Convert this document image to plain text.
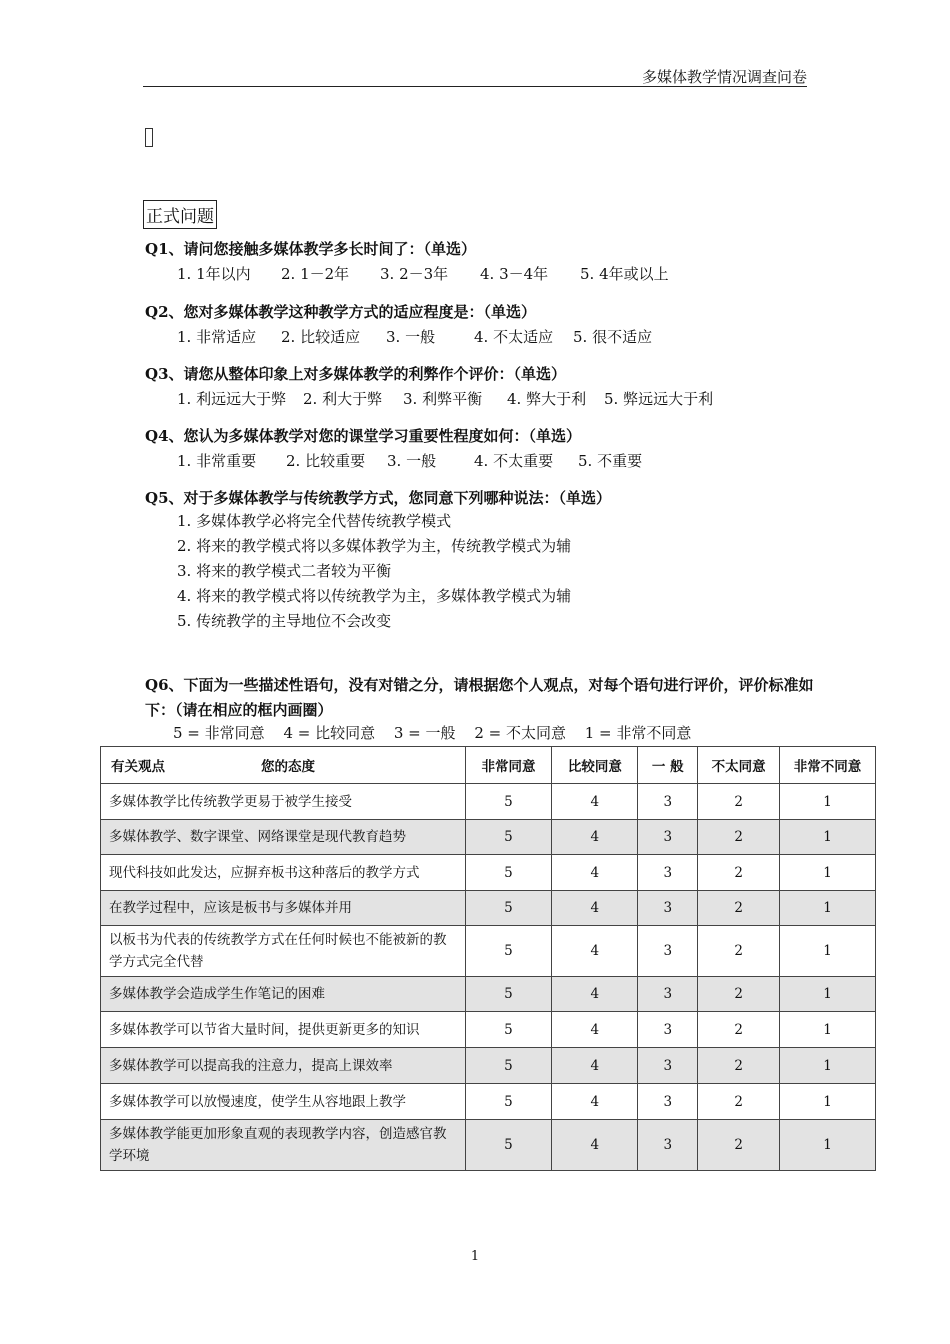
多媒体教学情况调查问卷
正式问题
Q1、请问您接触多媒体教学多长时间了：（单选）
1. 1年以内 2. 1－2年 3. 2－3年 4. 3－4年 5. 4年或以上
Q2、您对多媒体教学这种教学方式的适应程度是：（单选）
1. 非常适应 2. 比较适应 3. 一般	4. 不太适应 5. 很不适应
Q3、请您从整体印象上对多媒体教学的利弊作个评价：（单选）
1. 利远远大于弊 2. 利大于弊 3. 利弊平衡 4. 弊大于利 5. 弊远远大于利
Q4、您认为多媒体教学对您的课堂学习重要性程度如何：（单选）
1. 非常重要 2. 比较重要 3. 一般	4. 不太重要 5. 不重要
Q5、对于多媒体教学与传统教学方式，您同意下列哪种说法：（单选）
1. 多媒体教学必将完全代替传统教学模式
2. 将来的教学模式将以多媒体教学为主，传统教学模式为辅
3. 将来的教学模式二者较为平衡
4. 将来的教学模式将以传统教学为主，多媒体教学模式为辅
5. 传统教学的主导地位不会改变
Q6、下面为一些描述性语句，没有对错之分，请根据您个人观点，对每个语句进行评价，评价标准如下：（请在相应的框内画圈）
5 = 非常同意 4 = 比较同意 3 = 一般 2 = 不太同意 1 = 非常不同意
有关观点 您的态度	非常同意	比较同意	一 般	不太同意	非常不同意
多媒体教学比传统教学更易于被学生接受	5	4	3	2	1
多媒体教学、数字课堂、网络课堂是现代教育趋势	5	4	3	2	1
现代科技如此发达，应摒弃板书这种落后的教学方式	5	4	3	2	1
在教学过程中，应该是板书与多媒体并用	5	4	3	2	1
以板书为代表的传统教学方式在任何时候也不能被新的教学方式完全代替	5	4	3	2	1
多媒体教学会造成学生作笔记的困难	5	4	3	2	1
多媒体教学可以节省大量时间，提供更新更多的知识	5	4	3	2	1
多媒体教学可以提高我的注意力，提高上课效率	5	4	3	2	1
多媒体教学可以放慢速度，使学生从容地跟上教学	5	4	3	2	1
多媒体教学能更加形象直观的表现教学内容，创造感官教学环境	5	4	3	2	1
1
